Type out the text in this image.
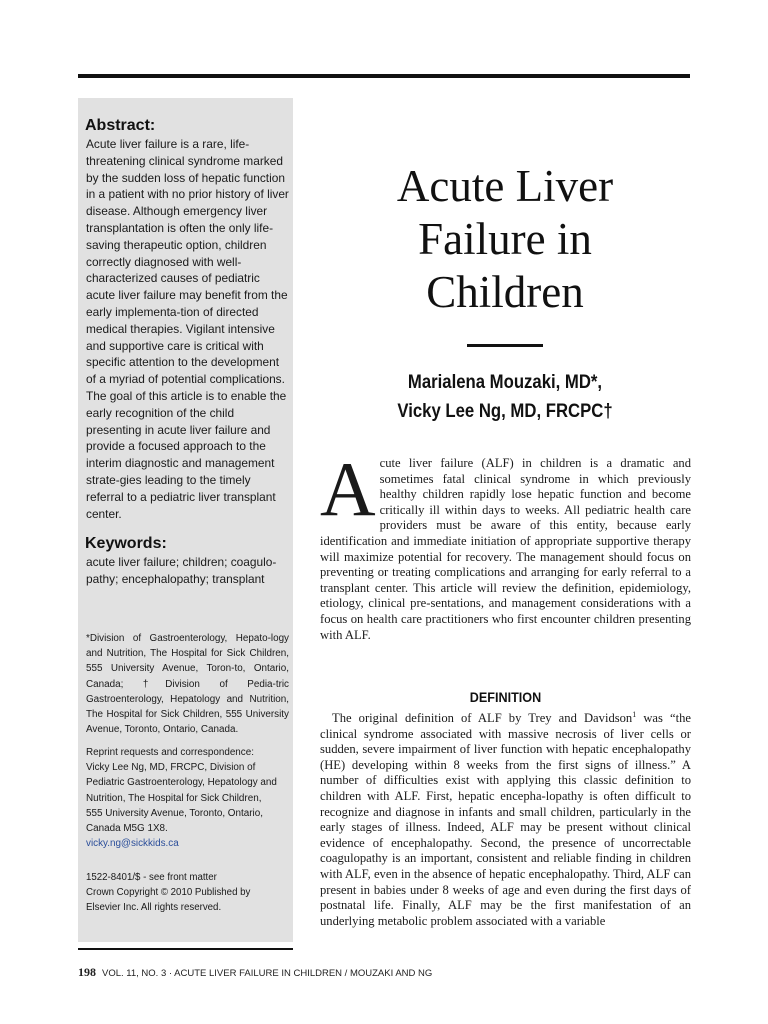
Abstract:

Acute liver failure is a rare, life-threatening clinical syndrome marked by the sudden loss of hepatic function in a patient with no prior history of liver disease. Although emergency liver transplantation is often the only life-saving therapeutic option, children correctly diagnosed with well-characterized causes of pediatric acute liver failure may benefit from the early implementa-tion of directed medical therapies. Vigilant intensive and supportive care is critical with specific attention to the development of a myriad of potential complications. The goal of this article is to enable the early recognition of the child presenting in acute liver failure and provide a focused approach to the interim diagnostic and management strate-gies leading to the timely referral to a pediatric liver transplant center.

Keywords:

acute liver failure; children; coagulo-pathy; encephalopathy; transplant

*Division of Gastroenterology, Hepato-logy and Nutrition, The Hospital for Sick Children, 555 University Avenue, Toron-to, Ontario, Canada; †Division of Pedia-tric Gastroenterology, Hepatology and Nutrition, The Hospital for Sick Children, 555 University Avenue, Toronto, Ontario, Canada.

Reprint requests and correspondence:
Vicky Lee Ng, MD, FRCPC, Division of
Pediatric Gastroenterology, Hepatology and
Nutrition, The Hospital for Sick Children,
555 University Avenue, Toronto, Ontario,
Canada M5G 1X8.
vicky.ng@sickkids.ca

1522-8401/$ - see front matter
Crown Copyright © 2010 Published by
Elsevier Inc. All rights reserved.

Acute Liver Failure in Children
Marialena Mouzaki, MD*,
Vicky Lee Ng, MD, FRCPC†

Acute liver failure (ALF) in children is a dramatic and sometimes fatal clinical syndrome in which previously healthy children rapidly lose hepatic function and become critically ill within days to weeks. All pediatric health care providers must be aware of this entity, because early identification and immediate initiation of appropriate supportive therapy will maximize potential for recovery. The management should focus on preventing or treating complications and arranging for early referral to a transplant center. This article will review the definition, epidemiology, etiology, clinical pre-sentations, and management considerations with a focus on health care practitioners who first encounter children presenting with ALF.

DEFINITION

The original definition of ALF by Trey and Davidson$^1$ was “the clinical syndrome associated with massive necrosis of liver cells or sudden, severe impairment of liver function with hepatic encephalopathy (HE) developing within 8 weeks from the first signs of illness.” A number of difficulties exist with applying this classic definition to children with ALF. First, hepatic encepha-lopathy is often difficult to recognize and diagnose in infants and small children, particularly in the early stages of illness. Indeed, ALF may be present without clinical evidence of encephalopathy. Second, the presence of uncorrectable coagulopathy is an important, consistent and reliable finding in children with ALF, even in the absence of hepatic encephalopathy. Third, ALF can present in babies under 8 weeks of age and even during the first days of postnatal life. Finally, ALF may be the first manifestation of an underlying metabolic problem associated with a variable

198 VOL. 11, NO. 3 · ACUTE LIVER FAILURE IN CHILDREN / MOUZAKI AND NG
